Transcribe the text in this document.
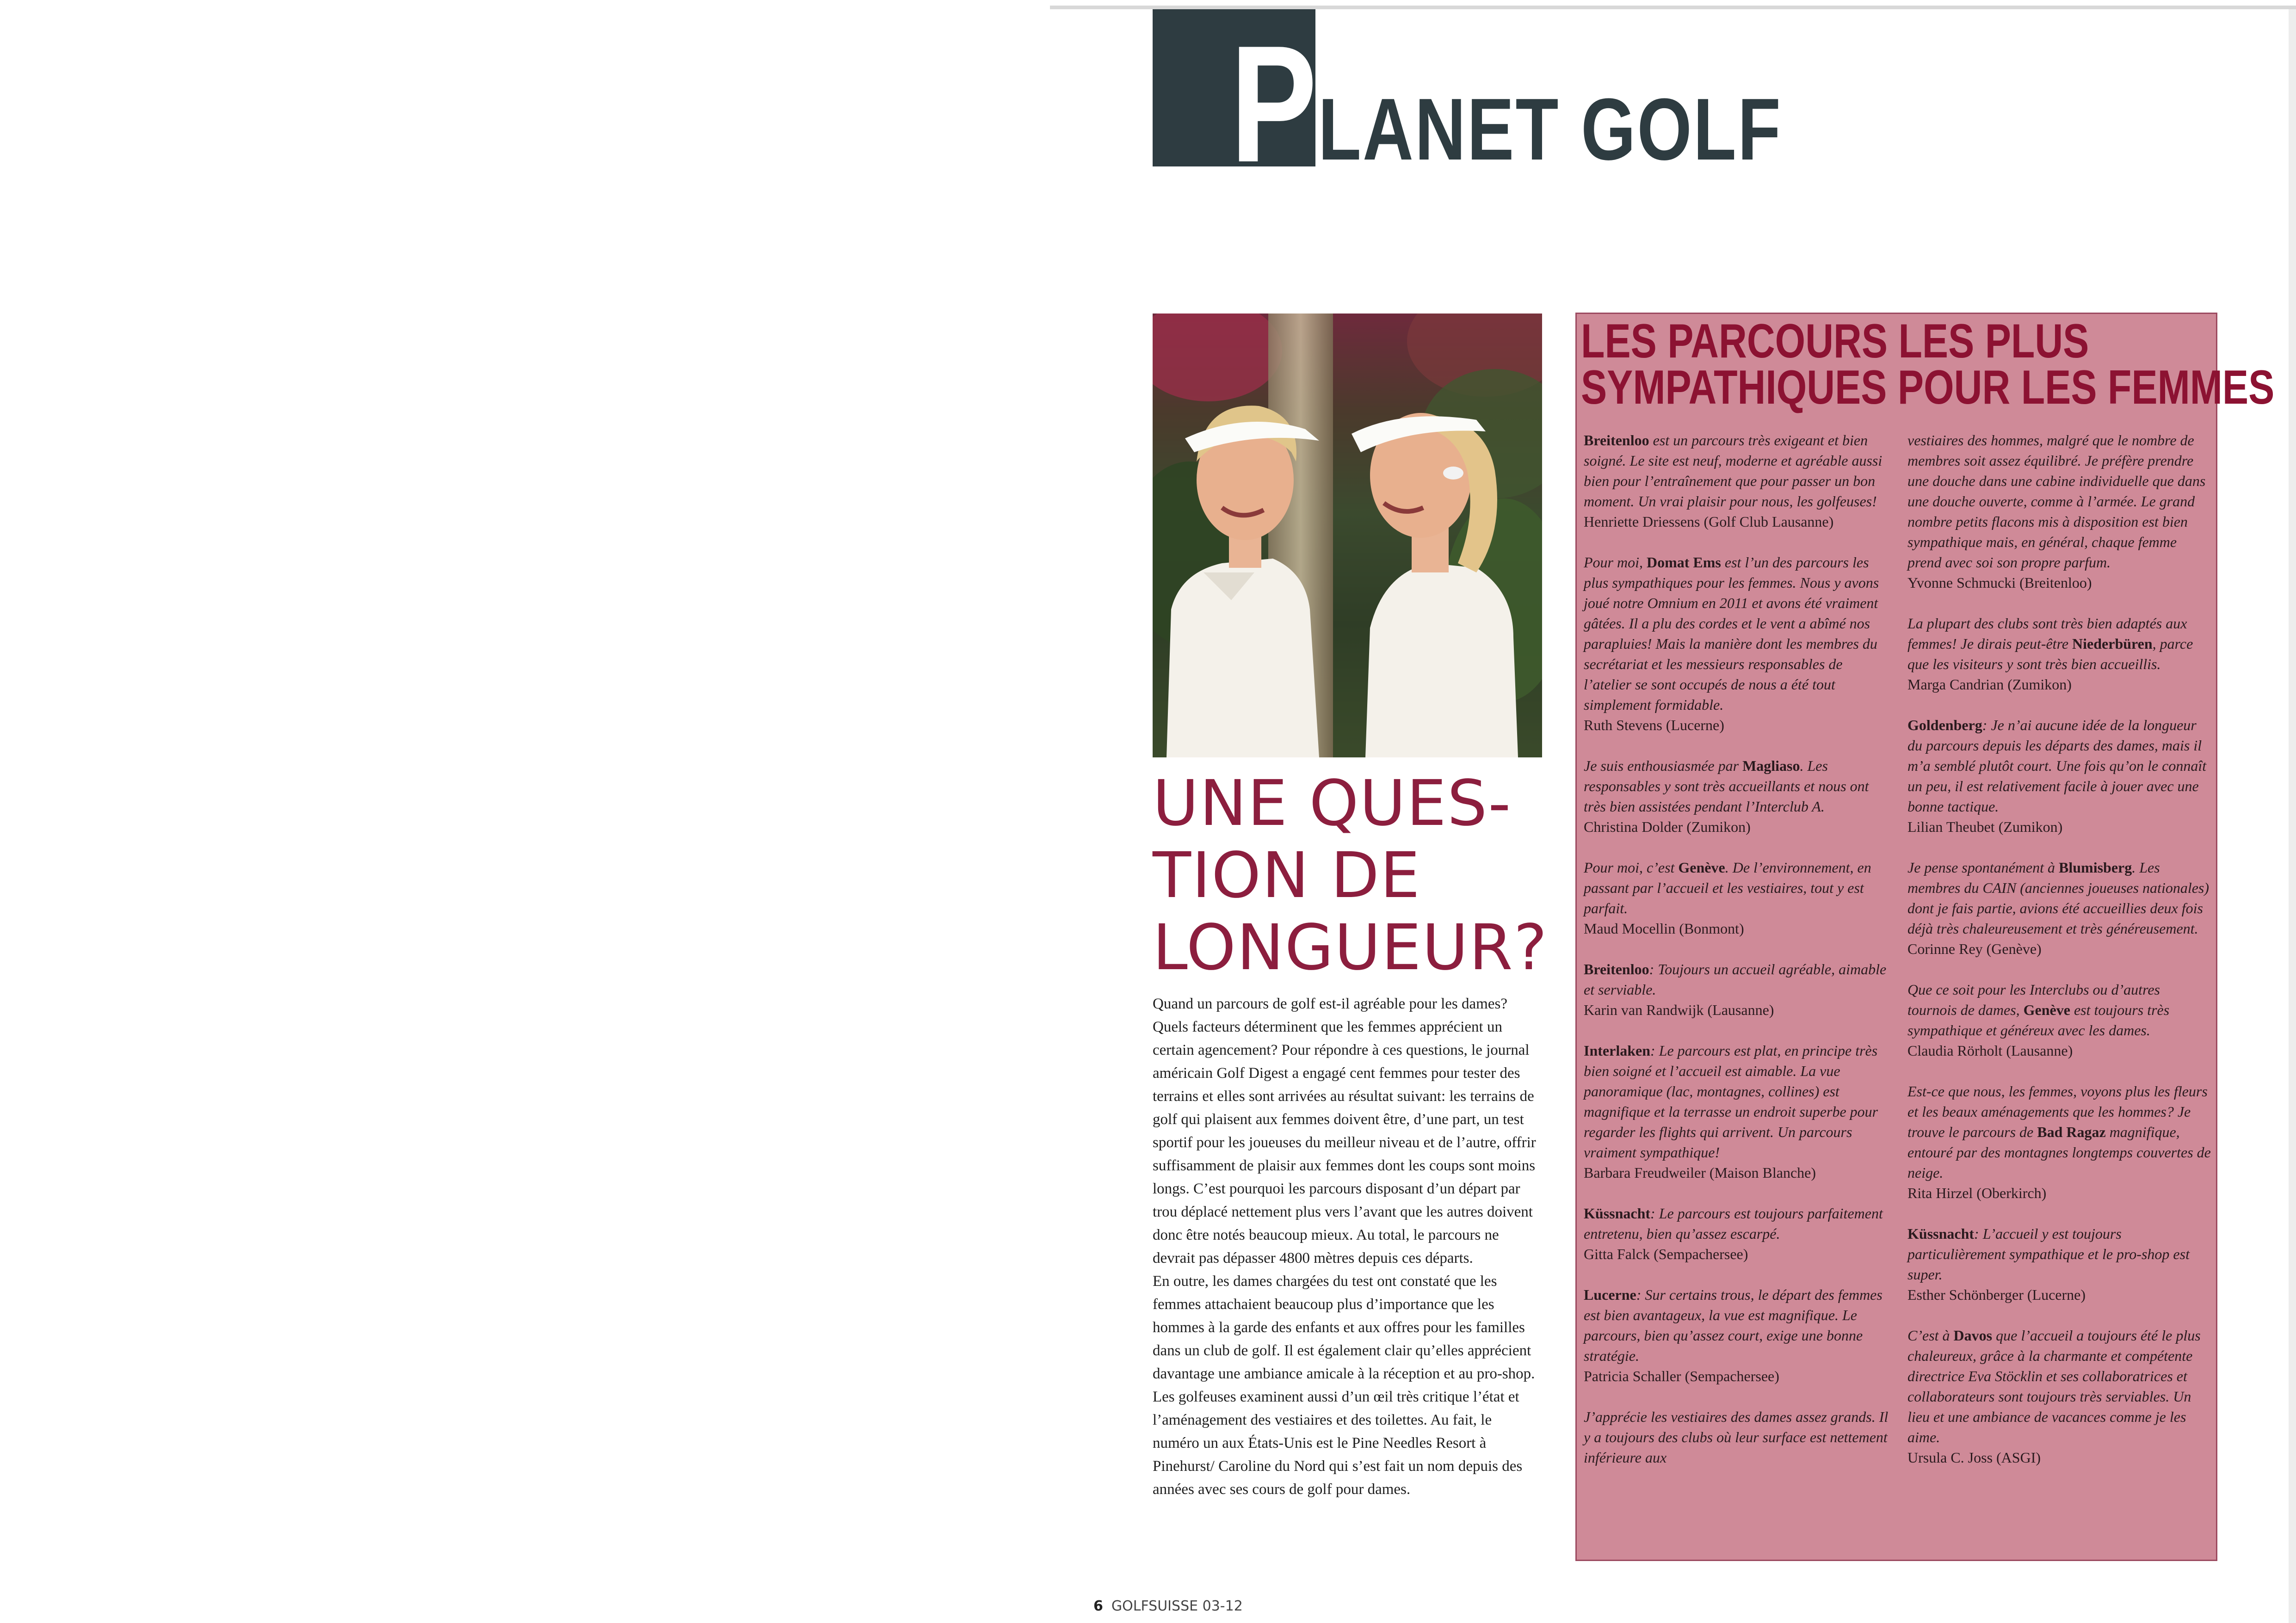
P LANET GOLF
UNE QUES-
TION DE
LONGUEUR?

Quand un parcours de golf est-il agréable pour les dames? Quels facteurs déterminent que les femmes apprécient un certain agencement? Pour répondre à ces questions, le journal américain Golf Digest a engagé cent femmes pour tester des terrains et elles sont arrivées au résultat suivant: les terrains de golf qui plaisent aux femmes doivent être, d’une part, un test sportif pour les joueuses du meilleur niveau et de l’autre, offrir suffisamment de plaisir aux femmes dont les coups sont moins longs. C’est pourquoi les parcours disposant d’un départ par trou déplacé nettement plus vers l’avant que les autres doivent donc être notés beaucoup mieux. Au total, le parcours ne devrait pas dépasser 4800 mètres depuis ces départs.

En outre, les dames chargées du test ont constaté que les femmes attachaient beaucoup plus d’importance que les hommes à la garde des enfants et aux offres pour les familles dans un club de golf. Il est également clair qu’elles apprécient davantage une ambiance amicale à la réception et au pro-shop. Les golfeuses examinent aussi d’un œil très critique l’état et l’aménagement des vestiaires et des toilettes. Au fait, le numéro un aux États-Unis est le Pine Needles Resort à Pinehurst/ Caroline du Nord qui s’est fait un nom depuis des années avec ses cours de golf pour dames.

LES PARCOURS LES PLUS
SYMPATHIQUES POUR LES FEMMES
Breitenloo est un parcours très exigeant et bien soigné. Le site est neuf, moderne et agréable aussi bien pour l’entraînement que pour passer un bon moment. Un vrai plaisir pour nous, les golfeuses!
Henriette Driessens (Golf Club Lausanne)
Pour moi, Domat Ems est l’un des parcours les plus sympathiques pour les femmes. Nous y avons joué notre Omnium en 2011 et avons été vraiment gâtées. Il a plu des cordes et le vent a abîmé nos parapluies! Mais la manière dont les membres du secrétariat et les messieurs responsables de l’atelier se sont occupés de nous a été tout simplement formidable.
Ruth Stevens (Lucerne)
Je suis enthousiasmée par Magliaso. Les responsables y sont très accueillants et nous ont très bien assistées pendant l’Interclub A.
Christina Dolder (Zumikon)
Pour moi, c’est Genève. De l’environnement, en passant par l’accueil et les vestiaires, tout y est parfait.
Maud Mocellin (Bonmont)
Breitenloo: Toujours un accueil agréable, aimable et serviable.
Karin van Randwijk (Lausanne)
Interlaken: Le parcours est plat, en principe très bien soigné et l’accueil est aimable. La vue panoramique (lac, montagnes, collines) est magnifique et la terrasse un endroit superbe pour regarder les flights qui arrivent. Un parcours vraiment sympathique!
Barbara Freudweiler (Maison Blanche)
Küssnacht: Le parcours est toujours parfaitement entretenu, bien qu’assez escarpé.
Gitta Falck (Sempachersee)
Lucerne: Sur certains trous, le départ des femmes est bien avantageux, la vue est magnifique. Le parcours, bien qu’assez court, exige une bonne stratégie.
Patricia Schaller (Sempachersee)
J’apprécie les vestiaires des dames assez grands. Il y a toujours des clubs où leur surface est nettement inférieure aux
vestiaires des hommes, malgré que le nombre de membres soit assez équilibré. Je préfère prendre une douche dans une cabine individuelle que dans une douche ouverte, comme à l’armée. Le grand nombre petits flacons mis à disposition est bien sympathique mais, en général, chaque femme prend avec soi son propre parfum.
Yvonne Schmucki (Breitenloo)
La plupart des clubs sont très bien adaptés aux femmes! Je dirais peut-être Niederbüren, parce que les visiteurs y sont très bien accueillis.
Marga Candrian (Zumikon)
Goldenberg: Je n’ai aucune idée de la longueur du parcours depuis les départs des dames, mais il m’a semblé plutôt court. Une fois qu’on le connaît un peu, il est relativement facile à jouer avec une bonne tactique.
Lilian Theubet (Zumikon)
Je pense spontanément à Blumisberg. Les membres du CAIN (anciennes joueuses nationales) dont je fais partie, avions été accueillies deux fois déjà très chaleureusement et très généreusement.
Corinne Rey (Genève)
Que ce soit pour les Interclubs ou d’autres tournois de dames, Genève est toujours très sympathique et généreux avec les dames.
Claudia Rörholt (Lausanne)
Est-ce que nous, les femmes, voyons plus les fleurs et les beaux aménagements que les hommes? Je trouve le parcours de Bad Ragaz magnifique, entouré par des montagnes longtemps couvertes de neige.
Rita Hirzel (Oberkirch)
Küssnacht: L’accueil y est toujours particulièrement sympathique et le pro-shop est super.
Esther Schönberger (Lucerne)
C’est à Davos que l’accueil a toujours été le plus chaleureux, grâce à la charmante et compétente directrice Eva Stöcklin et ses collaboratrices et collaborateurs sont toujours très serviables. Un lieu et une ambiance de vacances comme je les aime.
Ursula C. Joss (ASGI)
6 GOLFSUISSE 03-12
